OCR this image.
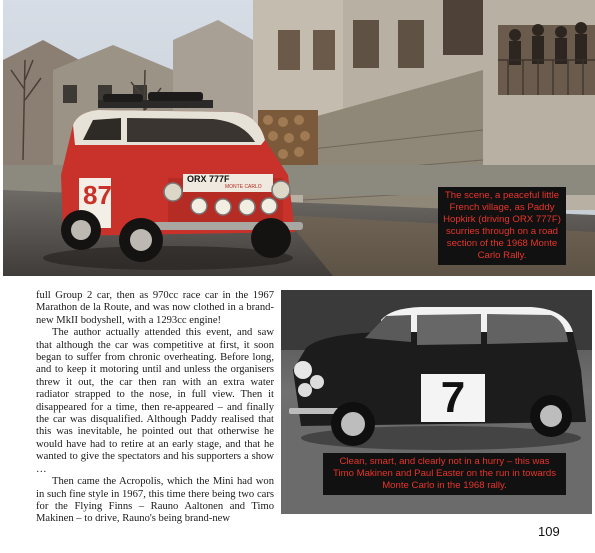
87
ORX 777F
MONTE CARLO
The scene, a peaceful little French village, as Paddy Hopkirk (driving ORX 777F) scurries through on a road section of the 1968 Monte Carlo Rally.
7
Clean, smart, and clearly not in a hurry – this was Timo Makinen and Paul Easter on the run in towards Monte Carlo in the 1968 rally.

full Group 2 car, then as 970cc race car in the 1967 Marathon de la Route, and was now clothed in a brand-new MkII bodyshell, with a 1293cc engine!

The author actually attended this event, and saw that although the car was competitive at first, it soon began to suffer from chronic overheating. Before long, and to keep it motoring until and unless the organisers threw it out, the car then ran with an extra water radiator strapped to the nose, in full view. Then it disappeared for a time, then re-appeared – and finally the car was disqualified. Although Paddy realised that this was inevitable, he pointed out that otherwise he would have had to retire at an early stage, and that he wanted to give the spectators and his supporters a show …

Then came the Acropolis, which the Mini had won in such fine style in 1967, this time there being two cars for the Flying Finns – Rauno Aaltonen and Timo Makinen – to drive, Rauno's being brand-new

109
